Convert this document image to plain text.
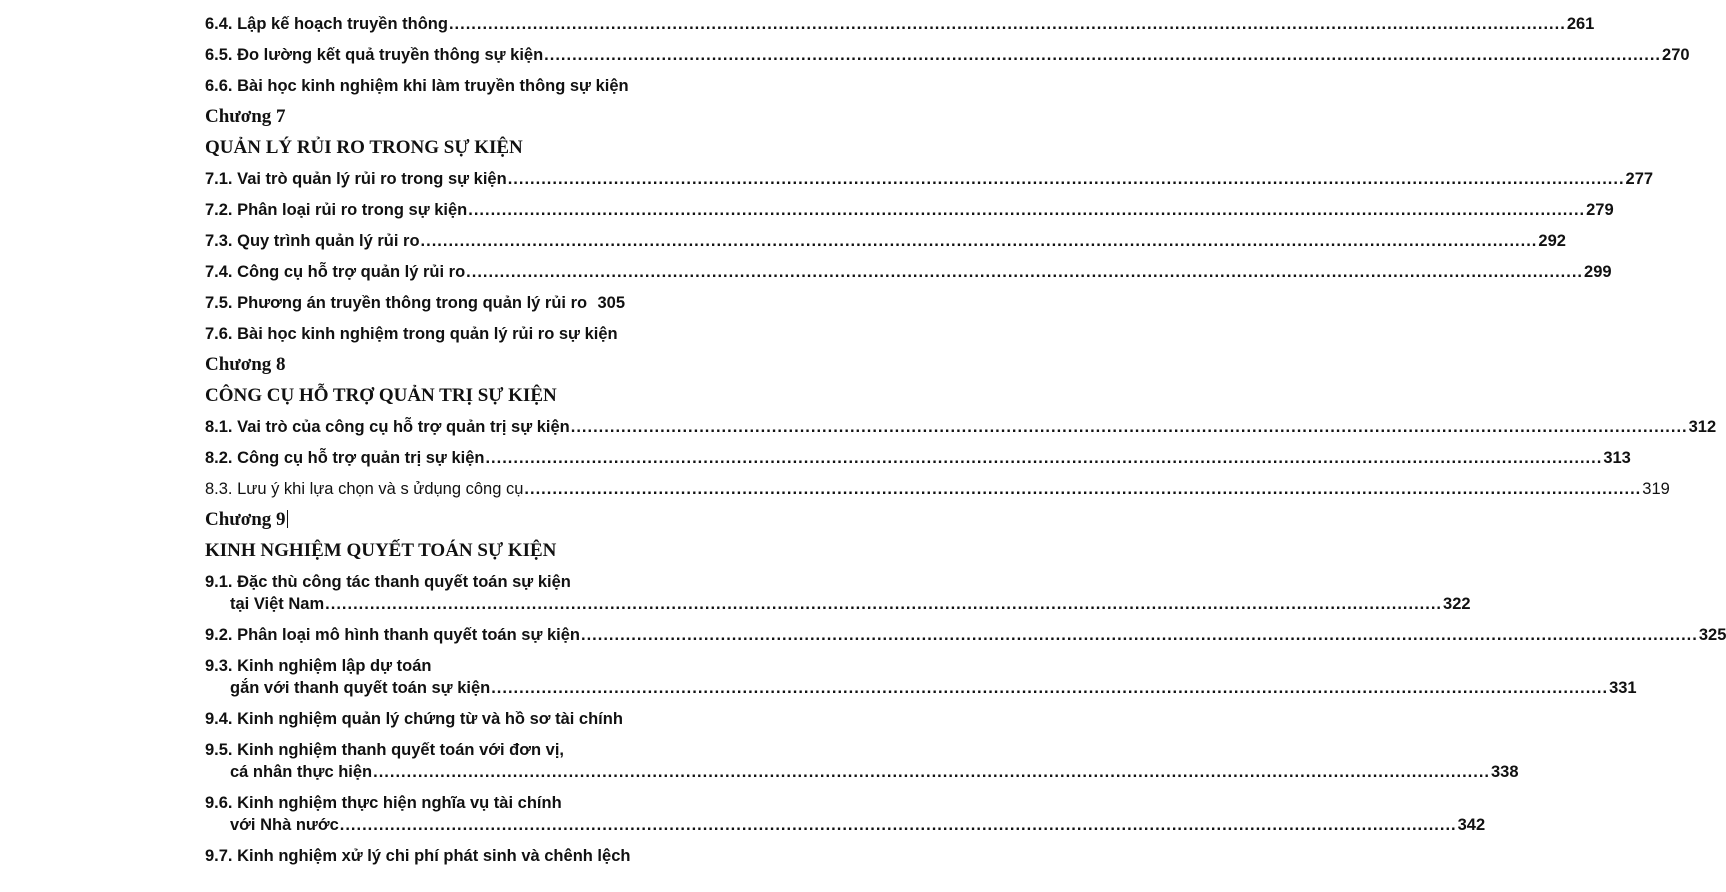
6.4. Lập kế hoạch truyền thông ........................................................................................................................................................................................................ 261
6.5. Đo lường kết quả truyền thông sự kiện ........................................................................................................................................................................................................ 270
6.6. Bài học kinh nghiệm khi làm truyền thông sự kiện
Chương 7
QUẢN LÝ RỦI RO TRONG SỰ KIỆN
7.1. Vai trò quản lý rủi ro trong sự kiện ........................................................................................................................................................................................................ 277
7.2. Phân loại rủi ro trong sự kiện ........................................................................................................................................................................................................ 279
7.3. Quy trình quản lý rủi ro ........................................................................................................................................................................................................ 292
7.4. Công cụ hỗ trợ quản lý rủi ro ........................................................................................................................................................................................................ 299
7.5. Phương án truyền thông trong quản lý rủi ro 305
7.6. Bài học kinh nghiệm trong quản lý rủi ro sự kiện
Chương 8
CÔNG CỤ HỖ TRỢ QUẢN TRỊ SỰ KIỆN
8.1. Vai trò của công cụ hỗ trợ quản trị sự kiện ........................................................................................................................................................................................................ 312
8.2. Công cụ hỗ trợ quản trị sự kiện ........................................................................................................................................................................................................ 313
8.3. Lưu ý khi lựa chọn và s ửdụng công cụ ........................................................................................................................................................................................................ 319
Chương 9
KINH NGHIỆM QUYẾT TOÁN SỰ KIỆN
9.1. Đặc thù công tác thanh quyết toán sự kiện
tại Việt Nam ........................................................................................................................................................................................................ 322
9.2. Phân loại mô hình thanh quyết toán sự kiện ........................................................................................................................................................................................................ 325
9.3. Kinh nghiệm lập dự toán
gắn với thanh quyết toán sự kiện ........................................................................................................................................................................................................ 331
9.4. Kinh nghiệm quản lý chứng từ và hồ sơ tài chính
9.5. Kinh nghiệm thanh quyết toán với đơn vị,
cá nhân thực hiện ........................................................................................................................................................................................................ 338
9.6. Kinh nghiệm thực hiện nghĩa vụ tài chính
với Nhà nước ........................................................................................................................................................................................................ 342
9.7. Kinh nghiệm xử lý chi phí phát sinh và chênh lệch
